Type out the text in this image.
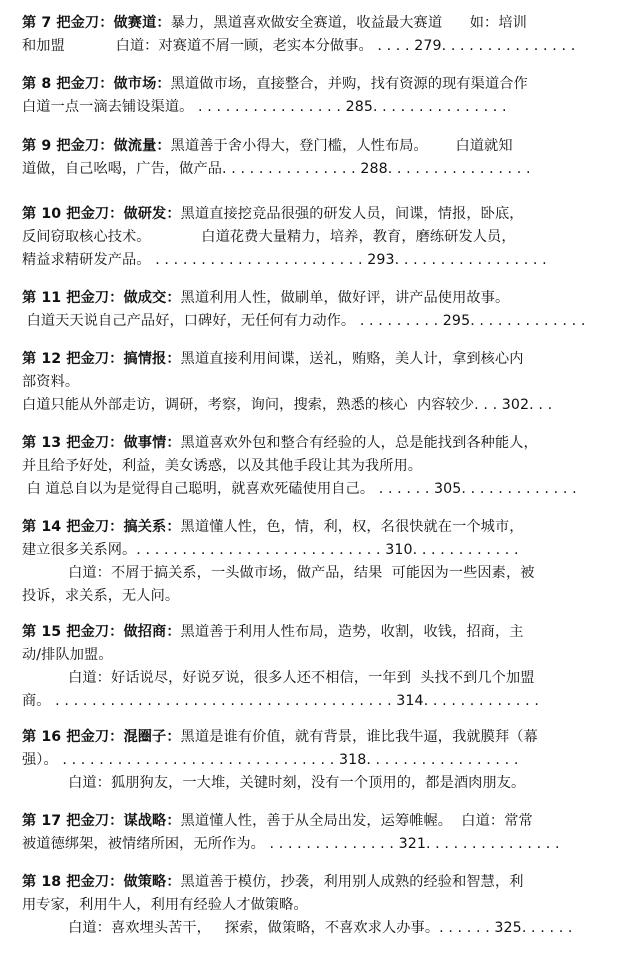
第 7 把金刀：做赛道：暴力，黑道喜欢做安全赛道，收益最大赛道      如：培训
和加盟           白道：对赛道不屑一顾，老实本分做事。 . . . . 279. . . . . . . . . . . . . . .
第 8 把金刀：做市场：黑道做市场，直接整合，并购，找有资源的现有渠道合作
白道一点一滴去铺设渠道。 . . . . . . . . . . . . . . . . 285. . . . . . . . . . . . . . .
第 9 把金刀：做流量：黑道善于舍小得大，登门槛，人性布局。      白道就知
道做，自己吆喝，广告，做产品. . . . . . . . . . . . . . . 288. . . . . . . . . . . . . . . .
第 10 把金刀：做研发：黑道直接挖竞品很强的研发人员，间谍，情报，卧底，
反间窃取核心技术。           白道花费大量精力，培养，教育，磨练研发人员，
精益求精研发产品。 . . . . . . . . . . . . . . . . . . . . . . . 293. . . . . . . . . . . . . . . . .
第 11 把金刀：做成交：黑道利用人性，做刷单，做好评，讲产品使用故事。
白道天天说自己产品好，口碑好，无任何有力动作。 . . . . . . . . . 295. . . . . . . . . . . . .
第 12 把金刀：搞情报：黑道直接利用间谍，送礼，贿赂，美人计，拿到核心内
部资料。
白道只能从外部走访，调研，考察，询问，搜索，熟悉的核心  内容较少. . . 302. . .
第 13 把金刀：做事情：黑道喜欢外包和整合有经验的人，总是能找到各种能人，
并且给予好处，利益，美女诱惑，以及其他手段让其为我所用。
白 道总自以为是觉得自己聪明，就喜欢死磕使用自己。 . . . . . . 305. . . . . . . . . . . . .
第 14 把金刀：搞关系：黑道懂人性，色，情，利，权，名很快就在一个城市，
建立很多关系网。. . . . . . . . . . . . . . . . . . . . . . . . . . . 310. . . . . . . . . . . .
白道：不屑于搞关系，一头做市场，做产品，结果  可能因为一些因素，被
投诉，求关系，无人问。
第 15 把金刀：做招商：黑道善于利用人性布局，造势，收割，收钱，招商，主
动/排队加盟。
白道：好话说尽，好说歹说，很多人还不相信，一年到  头找不到几个加盟
商。 . . . . . . . . . . . . . . . . . . . . . . . . . . . . . . . . . . . . . 314. . . . . . . . . . . . .
第 16 把金刀：混圈子：黑道是谁有价值，就有背景，谁比我牛逼，我就膜拜（幕
强）。 . . . . . . . . . . . . . . . . . . . . . . . . . . . . . . 318. . . . . . . . . . . . . . . . .
白道：狐朋狗友，一大堆，关键时刻，没有一个顶用的，都是酒肉朋友。
第 17 把金刀：谋战略：黑道懂人性，善于从全局出发，运筹帷幄。  白道：常常
被道德绑架，被情绪所困，无所作为。 . . . . . . . . . . . . . . 321. . . . . . . . . . . . . . .
第 18 把金刀：做策略：黑道善于模仿，抄袭，利用别人成熟的经验和智慧，利
用专家，利用牛人，利用有经验人才做策略。
白道：喜欢埋头苦干，   探索，做策略，不喜欢求人办事。. . . . . . 325. . . . . .
